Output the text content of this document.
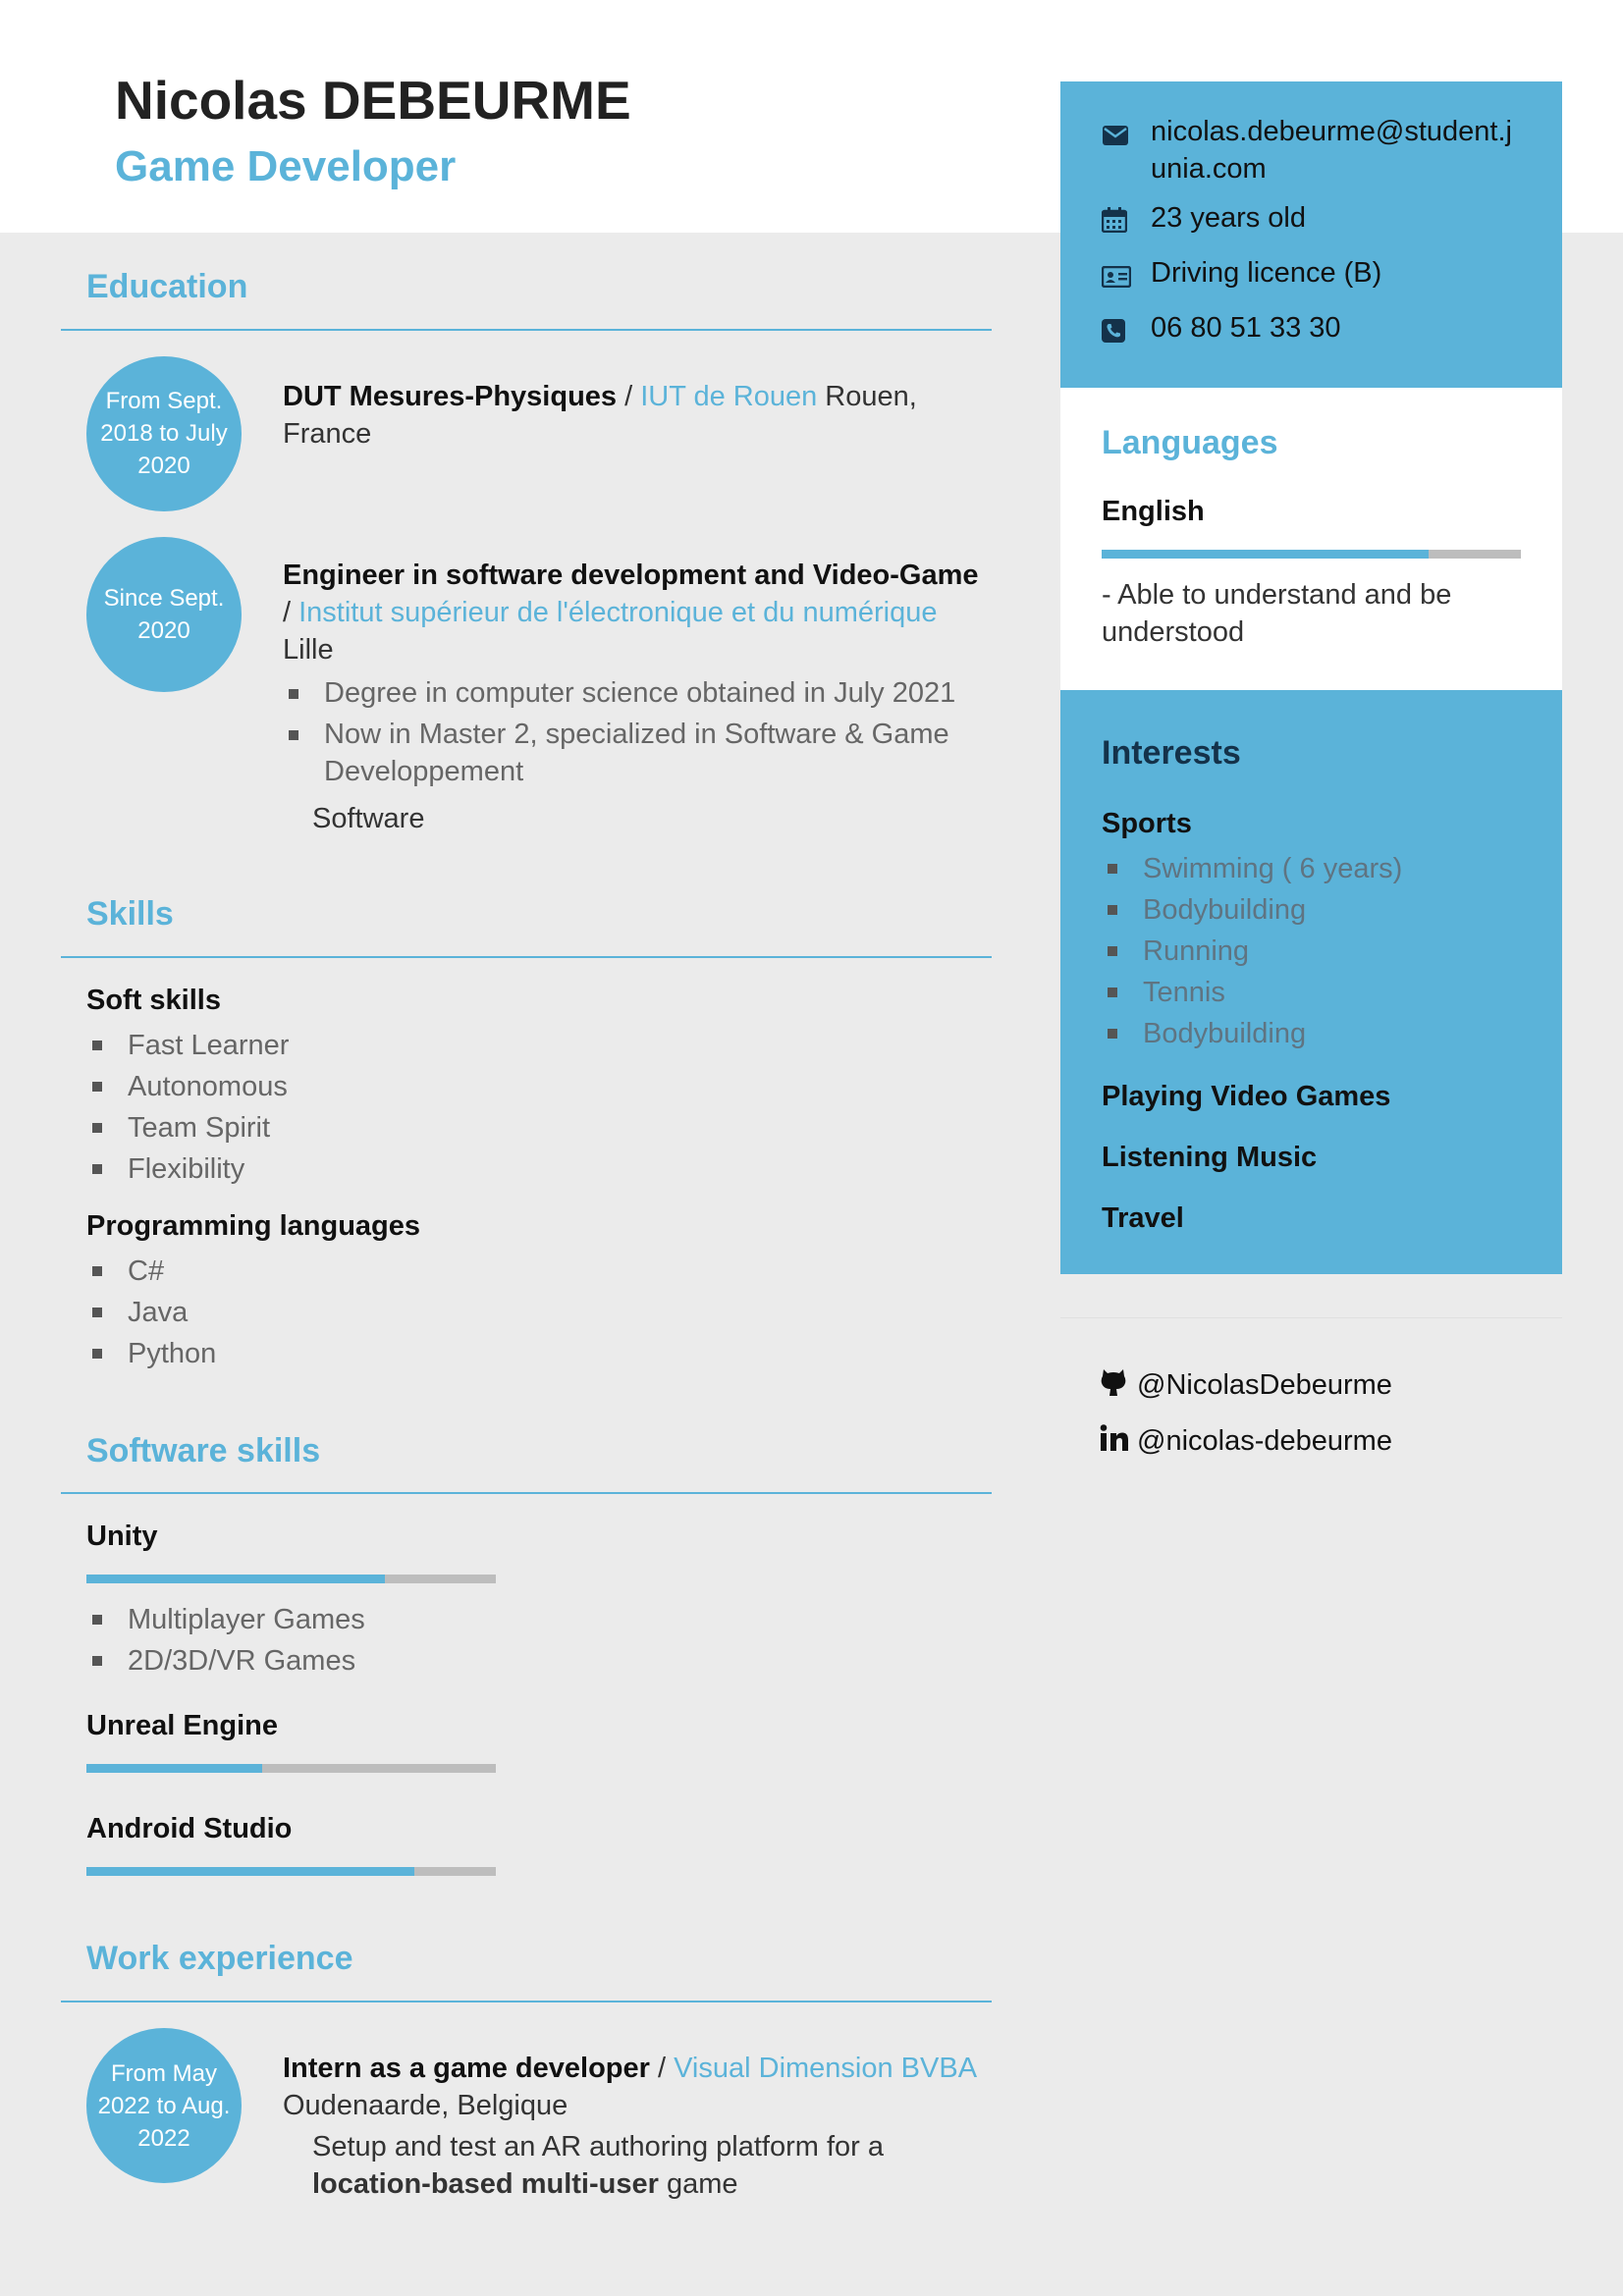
Nicolas DEBEURME
Game Developer
Education
From Sept. 2018 to July 2020
DUT Mesures-Physiques / IUT de Rouen Rouen, France
Since Sept. 2020
Engineer in software development and Video-Game
/ Institut supérieur de l'électronique et du numérique
Lille
Degree in computer science obtained in July 2021
Now in Master 2, specialized in Software & Game Developpement
Software
Skills
Soft skills
Fast Learner
Autonomous
Team Spirit
Flexibility
Programming languages
C#
Java
Python
Software skills
Unity
Multiplayer Games
2D/3D/VR Games
Unreal Engine
Android Studio
Work experience
From May 2022 to Aug. 2022
Intern as a game developer / Visual Dimension BVBA
Oudenaarde, Belgique
Setup and test an AR authoring platform for a location-based multi-user game
nicolas.debeurme@student.junia.com
23 years old
Driving licence (B)
06 80 51 33 30
Languages
English
- Able to understand and be understood
Interests
Sports
Swimming ( 6 years)
Bodybuilding
Running
Tennis
Bodybuilding
Playing Video Games
Listening Music
Travel
@NicolasDebeurme
@nicolas-debeurme
